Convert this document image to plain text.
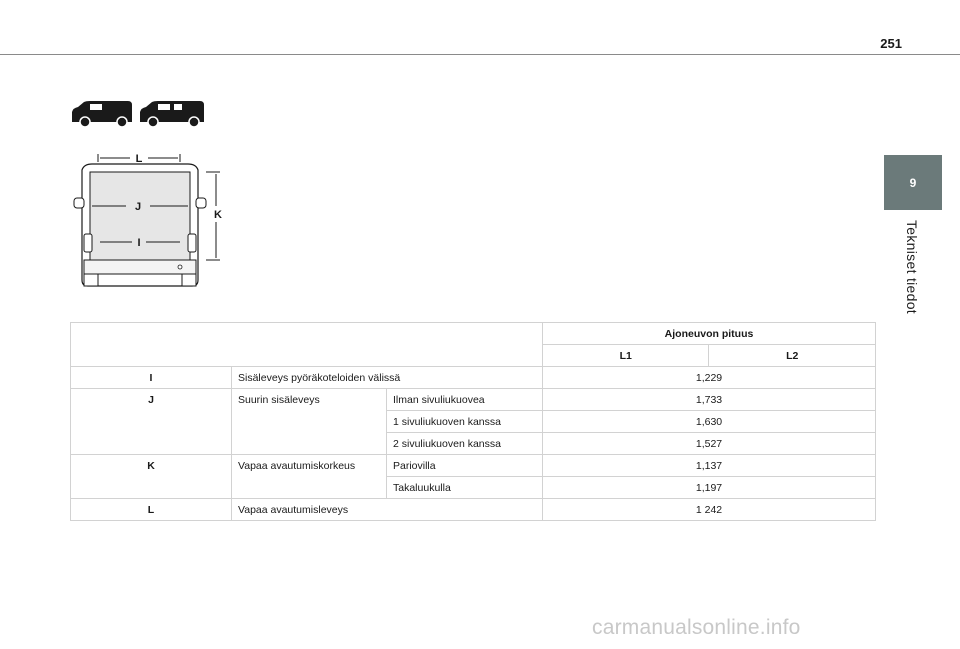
251
9
Tekniset tiedot
L
J
I
K
			Ajoneuvon pituus	
			L1	L2
I	Sisäleveys pyöräkoteloiden välissä		1,229	
J	Suurin sisäleveys	Ilman sivuliukuovea	1,733	
		1 sivuliukuoven kanssa	1,630	
		2 sivuliukuoven kanssa	1,527	
K	Vapaa avautumiskorkeus	Pariovilla	1,137	
		Takaluukulla	1,197	
L	Vapaa avautumisleveys		1 242	
carmanualsonline.info
